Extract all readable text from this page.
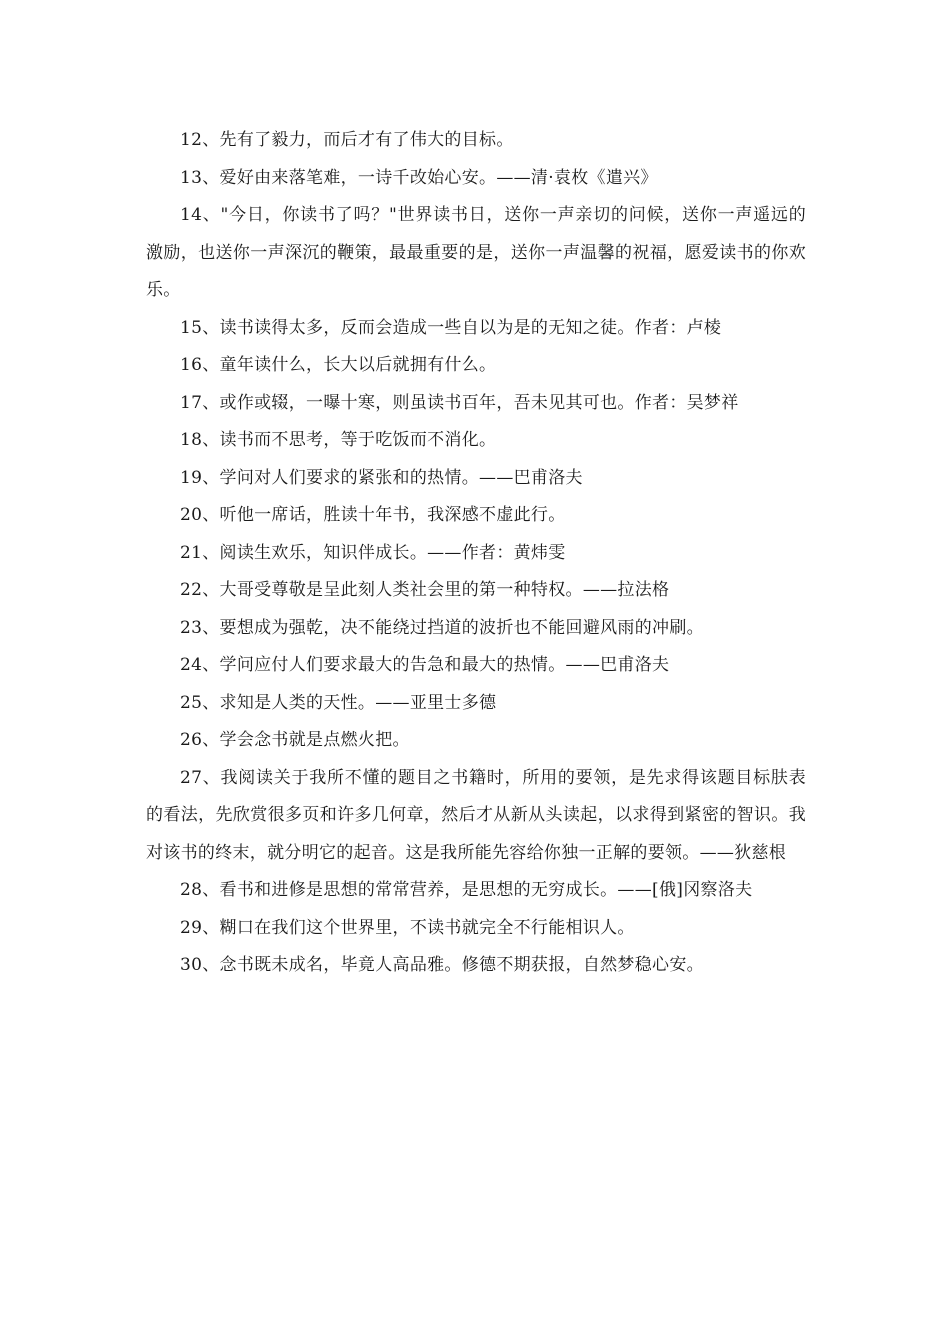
12、先有了毅力，而后才有了伟大的目标。

13、爱好由来落笔难，一诗千改始心安。——清·袁枚《遣兴》

14、"今日，你读书了吗？"世界读书日，送你一声亲切的问候，送你一声遥远的激励，也送你一声深沉的鞭策，最最重要的是，送你一声温馨的祝福，愿爱读书的你欢乐。

15、读书读得太多，反而会造成一些自以为是的无知之徒。作者：卢棱

16、童年读什么，长大以后就拥有什么。

17、或作或辍，一曝十寒，则虽读书百年，吾未见其可也。作者：吴梦祥

18、读书而不思考，等于吃饭而不消化。

19、学问对人们要求的紧张和的热情。——巴甫洛夫

20、听他一席话，胜读十年书，我深感不虚此行。

21、阅读生欢乐，知识伴成长。——作者：黄炜雯

22、大哥受尊敬是呈此刻人类社会里的第一种特权。——拉法格

23、要想成为强乾，决不能绕过挡道的波折也不能回避风雨的冲刷。

24、学问应付人们要求最大的告急和最大的热情。——巴甫洛夫

25、求知是人类的天性。——亚里士多德

26、学会念书就是点燃火把。

27、我阅读关于我所不懂的题目之书籍时，所用的要领，是先求得该题目标肤表的看法，先欣赏很多页和许多几何章，然后才从新从头读起，以求得到紧密的智识。我对该书的终末，就分明它的起音。这是我所能先容给你独一正解的要领。——狄慈根

28、看书和进修是思想的常常营养，是思想的无穷成长。——[俄]冈察洛夫

29、糊口在我们这个世界里，不读书就完全不行能相识人。

30、念书既未成名，毕竟人高品雅。修德不期获报，自然梦稳心安。
